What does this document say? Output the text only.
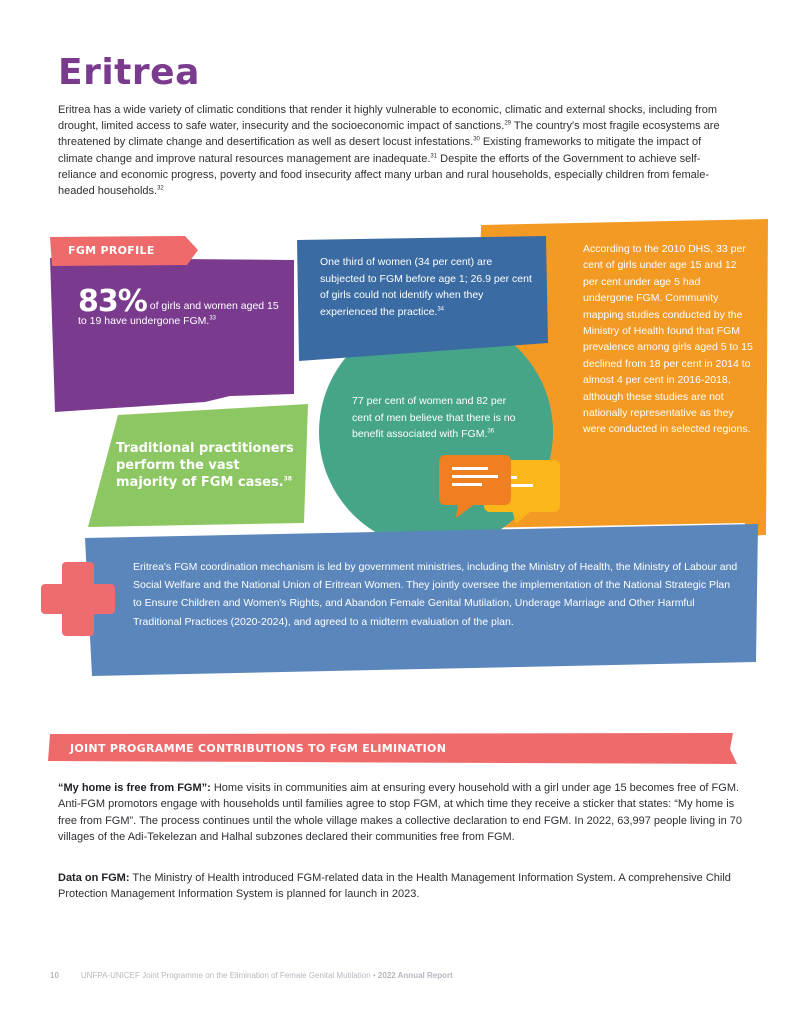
Eritrea

Eritrea has a wide variety of climatic conditions that render it highly vulnerable to economic, climatic and external shocks, including from drought, limited access to safe water, insecurity and the socioeconomic impact of sanctions.$^{29}$ The country's most fragile ecosystems are threatened by climate change and desertification as well as desert locust infestations.$^{30}$ Existing frameworks to mitigate the impact of climate change and improve natural resources management are inadequate.$^{31}$ Despite the efforts of the Government to achieve self-reliance and economic progress, poverty and food insecurity affect many urban and rural households, especially children from female-headed households.$^{32}$

FGM PROFILE
83% of girls and women aged 15 to 19 have undergone FGM.$^{33}$
One third of women (34 per cent) are subjected to FGM before age 1; 26.9 per cent of girls could not identify when they experienced the practice.$^{34}$
According to the 2010 DHS, 33 per cent of girls under age 15 and 12 per cent under age 5 had undergone FGM. Community mapping studies conducted by the Ministry of Health found that FGM prevalence among girls aged 5 to 15 declined from 18 per cent in 2014 to almost 4 per cent in 2016-2018, although these studies are not nationally representative as they were conducted in selected regions.
77 per cent of women and 82 per cent of men believe that there is no benefit associated with FGM.$^{36}$
Traditional practitioners perform the vast majority of FGM cases.$^{38}$
Eritrea's FGM coordination mechanism is led by government ministries, including the Ministry of Health, the Ministry of Labour and Social Welfare and the National Union of Eritrean Women. They jointly oversee the implementation of the National Strategic Plan to Ensure Children and Women's Rights, and Abandon Female Genital Mutilation, Underage Marriage and Other Harmful Traditional Practices (2020-2024), and agreed to a midterm evaluation of the plan.
JOINT PROGRAMME CONTRIBUTIONS TO FGM ELIMINATION

“My home is free from FGM”: Home visits in communities aim at ensuring every household with a girl under age 15 becomes free of FGM. Anti-FGM promotors engage with households until families agree to stop FGM, at which time they receive a sticker that states: “My home is free from FGM”. The process continues until the whole village makes a collective declaration to end FGM. In 2022, 63,997 people living in 70 villages of the Adi-Tekelezan and Halhal subzones declared their communities free from FGM.

Data on FGM: The Ministry of Health introduced FGM-related data in the Health Management Information System. A comprehensive Child Protection Management Information System is planned for launch in 2023.

10	UNFPA-UNICEF Joint Programme on the Elimination of Female Genital Mutilation • 2022 Annual Report
